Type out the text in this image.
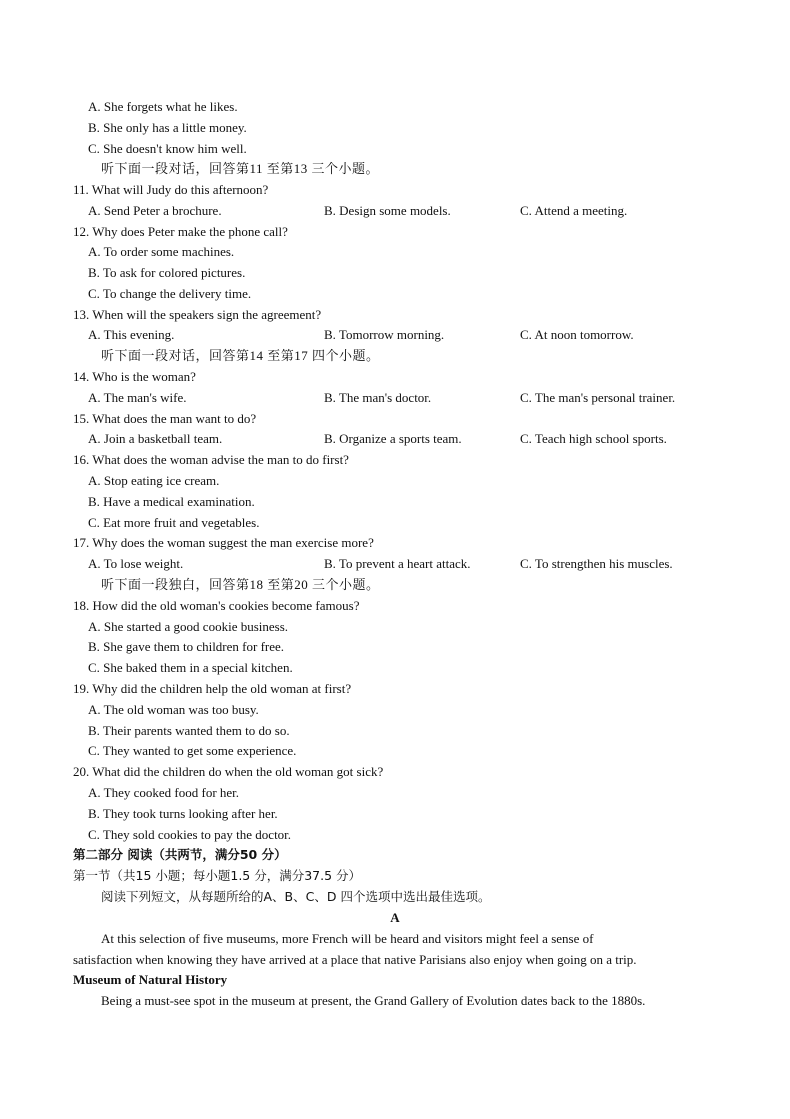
A. She forgets what he likes.
B. She only has a little money.
C. She doesn't know him well.
听下面一段对话，回答第11 至第13 三个小题。
11. What will Judy do this afternoon?
A. Send Peter a brochure.	B. Design some models.	C. Attend a meeting.
12. Why does Peter make the phone call?
A. To order some machines.
B. To ask for colored pictures.
C. To change the delivery time.
13. When will the speakers sign the agreement?
A. This evening.	B. Tomorrow morning.	C. At noon tomorrow.
听下面一段对话，回答第14 至第17 四个小题。
14. Who is the woman?
A. The man's wife.	B. The man's doctor.	C. The man's personal trainer.
15. What does the man want to do?
A. Join a basketball team.	B. Organize a sports team.	C. Teach high school sports.
16. What does the woman advise the man to do first?
A. Stop eating ice cream.
B. Have a medical examination.
C. Eat more fruit and vegetables.
17. Why does the woman suggest the man exercise more?
A. To lose weight.	B. To prevent a heart attack.	C. To strengthen his muscles.
听下面一段独白，回答第18 至第20 三个小题。
18. How did the old woman's cookies become famous?
A. She started a good cookie business.
B. She gave them to children for free.
C. She baked them in a special kitchen.
19. Why did the children help the old woman at first?
A. The old woman was too busy.
B. Their parents wanted them to do so.
C. They wanted to get some experience.
20. What did the children do when the old woman got sick?
A. They cooked food for her.
B. They took turns looking after her.
C. They sold cookies to pay the doctor.
第二部分 阅读（共两节，满分50 分）
第一节（共15 小题；每小题1.5 分，满分37.5 分）
阅读下列短文，从每题所给的A、B、C、D 四个选项中选出最佳选项。
A
At this selection of five museums, more French will be heard and visitors might feel a sense of
satisfaction when knowing they have arrived at a place that native Parisians also enjoy when going on a trip.
Museum of Natural History
Being a must-see spot in the museum at present, the Grand Gallery of Evolution dates back to the 1880s.
